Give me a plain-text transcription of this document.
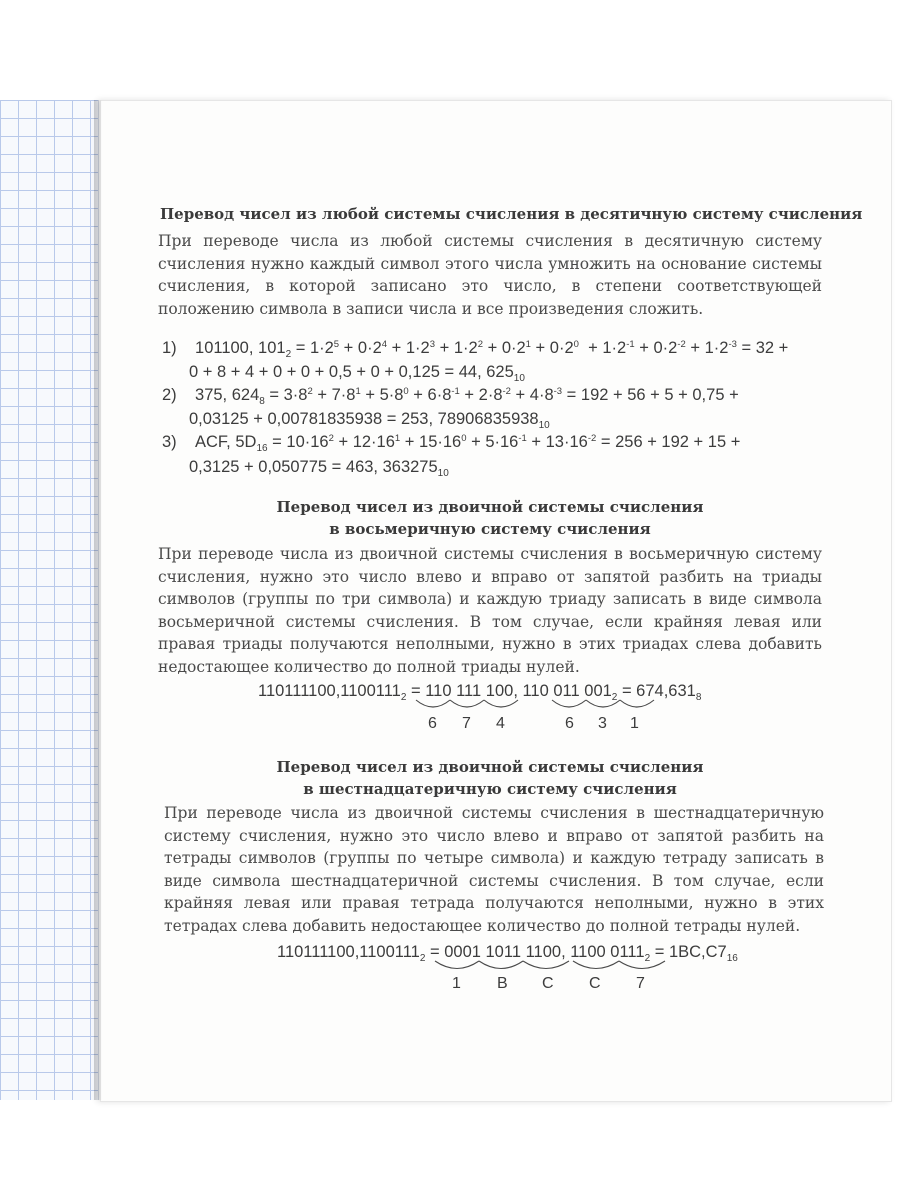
Перевод чисел из любой системы счисления в десятичную систему счисления
При переводе числа из любой системы счисления в десятичную систему счисления нужно каждый символ этого числа умножить на основание системы счисления, в которой записано это число, в степени соответствующей положению символа в записи числа и все произведения сложить.
1) 101100, $101_2 = 1\cdot 2^5 + 0\cdot 2^4 + 1\cdot 2^3 + 1\cdot 2^2 + 0\cdot 2^1 + 0\cdot 2^0 + 1\cdot 2^{-1} + 0\cdot 2^{-2} + 1\cdot 2^{-3} = 32$ +
0 + 8 + 4 + 0 + 0 + 0,5 + 0 + 0,125 = 44, $625_{10}$
2) 375, $624_8 = 3\cdot 8^2 + 7\cdot 8^1 + 5\cdot 8^0 + 6\cdot 8^{-1} + 2\cdot 8^{-2} + 4\cdot 8^{-3} = 192 + 56 + 5 + 0,75$ +
0,03125 + 0,00781835938 = 253, $78906835938_{10}$
3) ACF, $5D_{16} = 10\cdot 16^2 + 12\cdot 16^1 + 15\cdot 16^0 + 5\cdot 16^{-1} + 13\cdot 16^{-2} = 256 + 192 + 15$ +
0,3125 + 0,050775 = 463, $363275_{10}$
Перевод чисел из двоичной системы счисления
в восьмеричную систему счисления
При переводе числа из двоичной системы счисления в восьмеричную систему счисления, нужно это число влево и вправо от запятой разбить на триады символов (группы по три символа) и каждую триаду записать в виде символа восьмеричной системы счисления. В том случае, если крайняя левая или правая триады получаются неполными, нужно в этих триадах слева добавить недостающее количество до полной триады нулей.
$110111100,1100111_2 = 110$ 111 100, 110 011 $001_2 = 674,631_8$
6 7 4	6 3 1
Перевод чисел из двоичной системы счисления
в шестнадцатеричную систему счисления
При переводе числа из двоичной системы счисления в шестнадцатеричную систему счисления, нужно это число влево и вправо от запятой разбить на тетрады символов (группы по четыре символа) и каждую тетраду записать в виде символа шестнадцатеричной системы счисления. В том случае, если крайняя левая или правая тетрада получаются неполными, нужно в этих тетрадах слева добавить недостающее количество до полной тетрады нулей.
$110111100,1100111_2 = 0001$ 1011 1100, 1100 $0111_2 = 1BC,C7_{16}$
1 B C C 7
